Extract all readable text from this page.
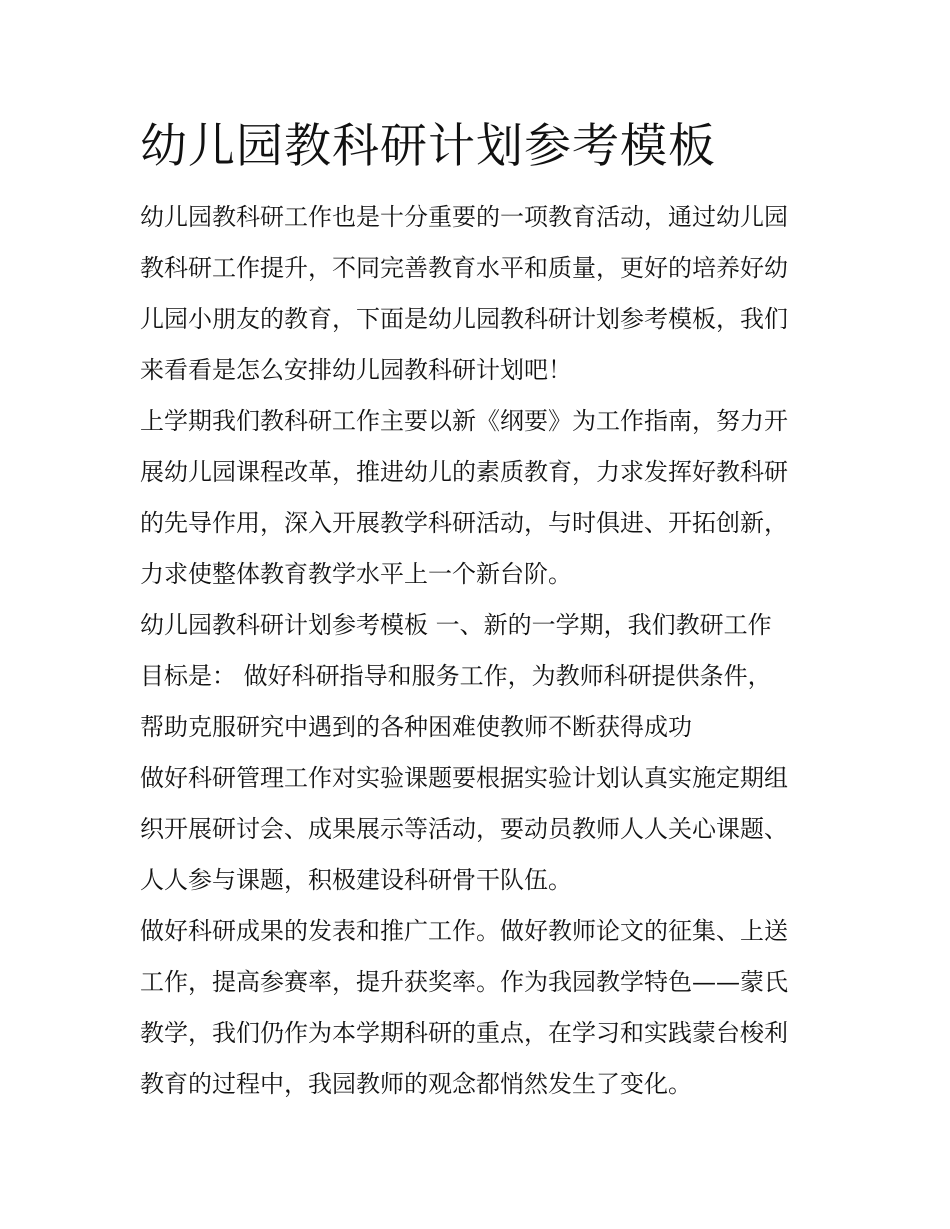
幼儿园教科研计划参考模板

幼儿园教科研工作也是十分重要的一项教育活动，通过幼儿园
教科研工作提升，不同完善教育水平和质量，更好的培养好幼
儿园小朋友的教育，下面是幼儿园教科研计划参考模板，我们
来看看是怎么安排幼儿园教科研计划吧！

上学期我们教科研工作主要以新《纲要》为工作指南，努力开
展幼儿园课程改革，推进幼儿的素质教育，力求发挥好教科研
的先导作用，深入开展教学科研活动，与时俱进、开拓创新，
力求使整体教育教学水平上一个新台阶。

幼儿园教科研计划参考模板 一、新的一学期，我们教研工作
目标是： 做好科研指导和服务工作，为教师科研提供条件，
帮助克服研究中遇到的各种困难使教师不断获得成功

做好科研管理工作对实验课题要根据实验计划认真实施定期组
织开展研讨会、成果展示等活动，要动员教师人人关心课题、
人人参与课题，积极建设科研骨干队伍。

做好科研成果的发表和推广工作。做好教师论文的征集、上送
工作，提高参赛率，提升获奖率。作为我园教学特色——蒙氏
教学，我们仍作为本学期科研的重点，在学习和实践蒙台梭利
教育的过程中，我园教师的观念都悄然发生了变化。
